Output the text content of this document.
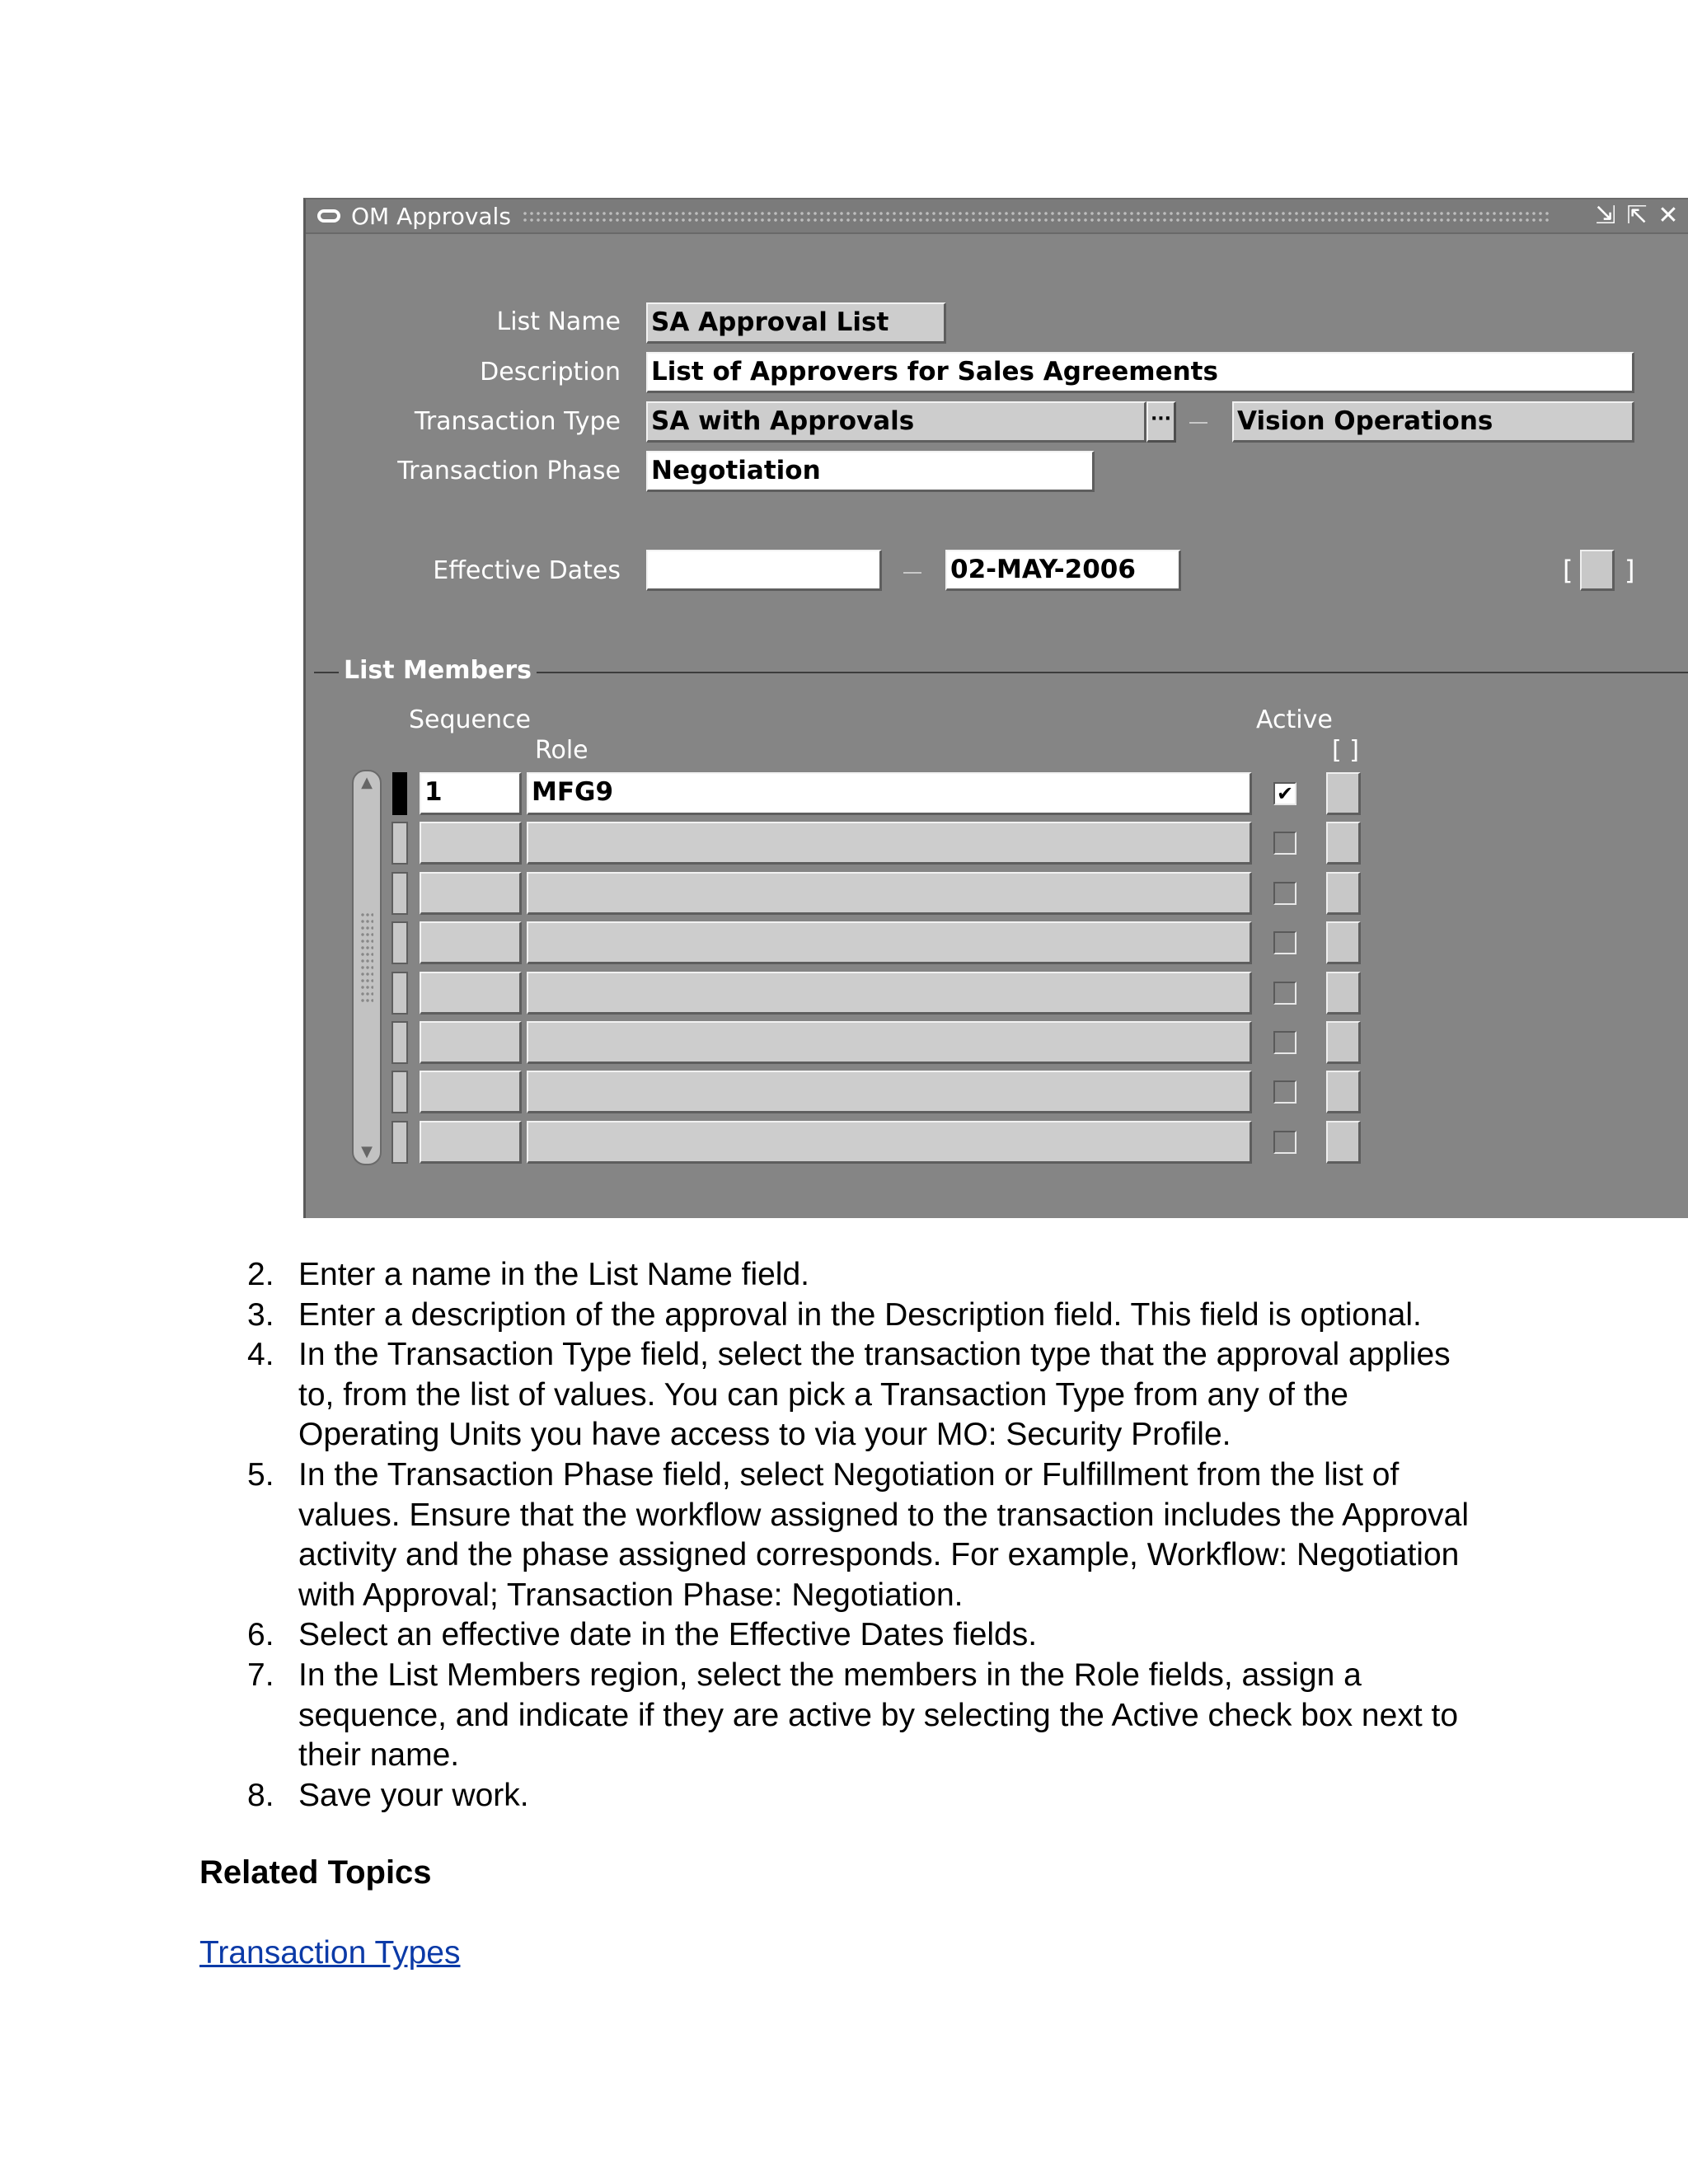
OM Approvals	⇲ ⇱ ✕
List Name SA Approval List
Description List of Approvers for Sales Agreements
Transaction Type SA with Approvals	···	Vision Operations
Transaction Phase Negotiation
Effective Dates	02-MAY-2006	[ ]
List Members
Sequence
Role
Active
[ ]
▲
▼
1	MFG9	✔
2. Enter a name in the List Name field.
3. Enter a description of the approval in the Description field. This field is optional.
4. In the Transaction Type field, select the transaction type that the approval applies to, from the list of values. You can pick a Transaction Type from any of the Operating Units you have access to via your MO: Security Profile.
5. In the Transaction Phase field, select Negotiation or Fulfillment from the list of values. Ensure that the workflow assigned to the transaction includes the Approval activity and the phase assigned corresponds. For example, Workflow: Negotiation with Approval; Transaction Phase: Negotiation.
6. Select an effective date in the Effective Dates fields.
7. In the List Members region, select the members in the Role fields, assign a sequence, and indicate if they are active by selecting the Active check box next to their name.
8. Save your work.
Related Topics
Transaction Types
